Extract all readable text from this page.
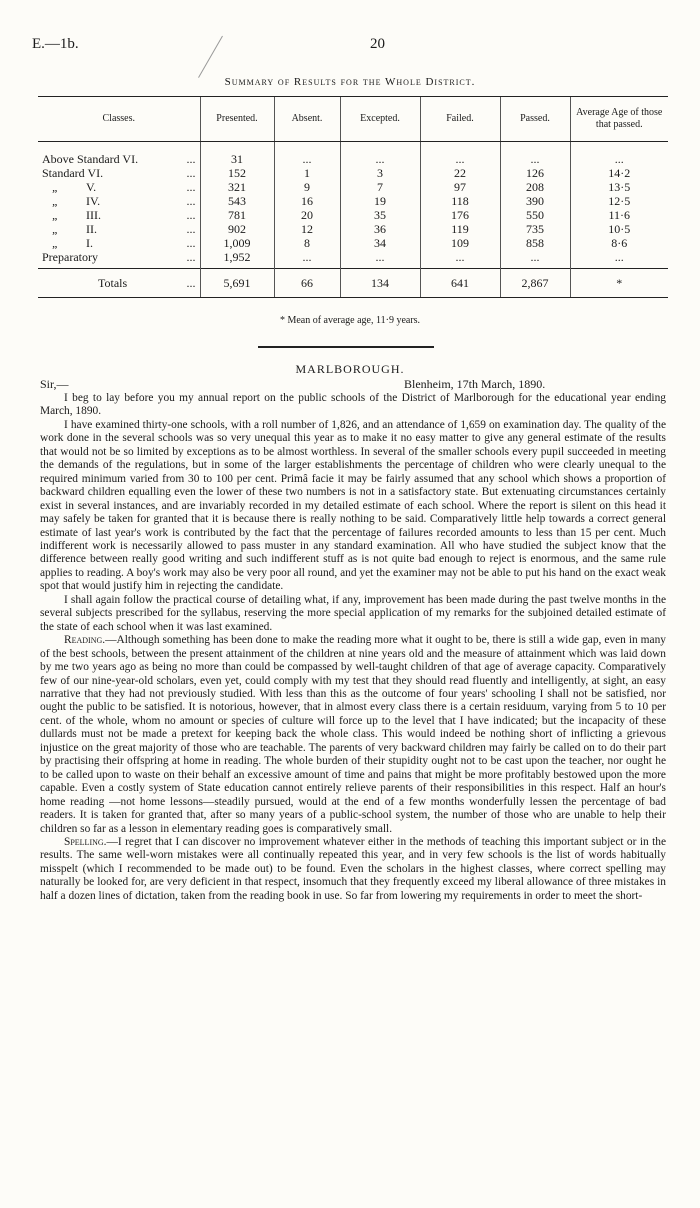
E.—1b.	20
Summary of Results for the Whole District.
Classes.	Presented.	Absent.	Excepted.	Failed.	Passed.	Average Age of those that passed.

Above Standard VI. ...	31	...	...	...	...	...
Standard VI. ...	152	1	3	22	126	14·2
„ V. ...	321	9	7	97	208	13·5
„ IV. ...	543	16	19	118	390	12·5
„ III. ...	781	20	35	176	550	11·6
„ II. ...	902	12	36	119	735	10·5
„ I. ...	1,009	8	34	109	858	8·6
Preparatory ...	1,952	...	...	...	...	...
Totals ...	5,691	66	134	641	2,867	*
* Mean of average age, 11·9 years.
MARLBOROUGH.
Sir,—	Blenheim, 17th March, 1890.

I beg to lay before you my annual report on the public schools of the District of Marlborough for the educational year ending March, 1890.

I have examined thirty-one schools, with a roll number of 1,826, and an attendance of 1,659 on examination day. The quality of the work done in the several schools was so very unequal this year as to make it no easy matter to give any general estimate of the results that would not be so limited by exceptions as to be almost worthless. In several of the smaller schools every pupil succeeded in meeting the demands of the regulations, but in some of the larger establishments the percentage of children who were clearly unequal to the required minimum varied from 30 to 100 per cent. Primâ facie it may be fairly assumed that any school which shows a proportion of backward children equalling even the lower of these two numbers is not in a satisfactory state. But extenuating circumstances certainly exist in several instances, and are invariably recorded in my detailed estimate of each school. Where the report is silent on this head it may safely be taken for granted that it is because there is really nothing to be said. Comparatively little help towards a correct general estimate of last year's work is contributed by the fact that the percentage of failures recorded amounts to less than 15 per cent. Much indifferent work is necessarily allowed to pass muster in any standard examination. All who have studied the subject know that the difference between really good writing and such indifferent stuff as is not quite bad enough to reject is enormous, and the same rule applies to reading. A boy's work may also be very poor all round, and yet the examiner may not be able to put his hand on the exact weak spot that would justify him in rejecting the candidate.

I shall again follow the practical course of detailing what, if any, improvement has been made during the past twelve months in the several subjects prescribed for the syllabus, reserving the more special application of my remarks for the subjoined detailed estimate of the state of each school when it was last examined.

Reading.—Although something has been done to make the reading more what it ought to be, there is still a wide gap, even in many of the best schools, between the present attainment of the children at nine years old and the measure of attainment which was laid down by me two years ago as being no more than could be compassed by well-taught children of that age of average capacity. Comparatively few of our nine-year-old scholars, even yet, could comply with my test that they should read fluently and intelligently, at sight, an easy narrative that they had not previously studied. With less than this as the outcome of four years' schooling I shall not be satisfied, nor ought the public to be satisfied. It is notorious, however, that in almost every class there is a certain residuum, varying from 5 to 10 per cent. of the whole, whom no amount or species of culture will force up to the level that I have indicated; but the incapacity of these dullards must not be made a pretext for keeping back the whole class. This would indeed be nothing short of inflicting a grievous injustice on the great majority of those who are teachable. The parents of very backward children may fairly be called on to do their part by practising their offspring at home in reading. The whole burden of their stupidity ought not to be cast upon the teacher, nor ought he to be called upon to waste on their behalf an excessive amount of time and pains that might be more profitably bestowed upon the more capable. Even a costly system of State education cannot entirely relieve parents of their responsibilities in this respect. Half an hour's home reading —not home lessons—steadily pursued, would at the end of a few months wonderfully lessen the percentage of bad readers. It is taken for granted that, after so many years of a public-school system, the number of those who are unable to help their children so far as a lesson in elementary reading goes is comparatively small.

Spelling.—I regret that I can discover no improvement whatever either in the methods of teaching this important subject or in the results. The same well-worn mistakes were all continually repeated this year, and in very few schools is the list of words habitually misspelt (which I recommended to be made out) to be found. Even the scholars in the highest classes, where correct spelling may naturally be looked for, are very deficient in that respect, insomuch that they frequently exceed my liberal allowance of three mistakes in half a dozen lines of dictation, taken from the reading book in use. So far from lowering my requirements in order to meet the short-
